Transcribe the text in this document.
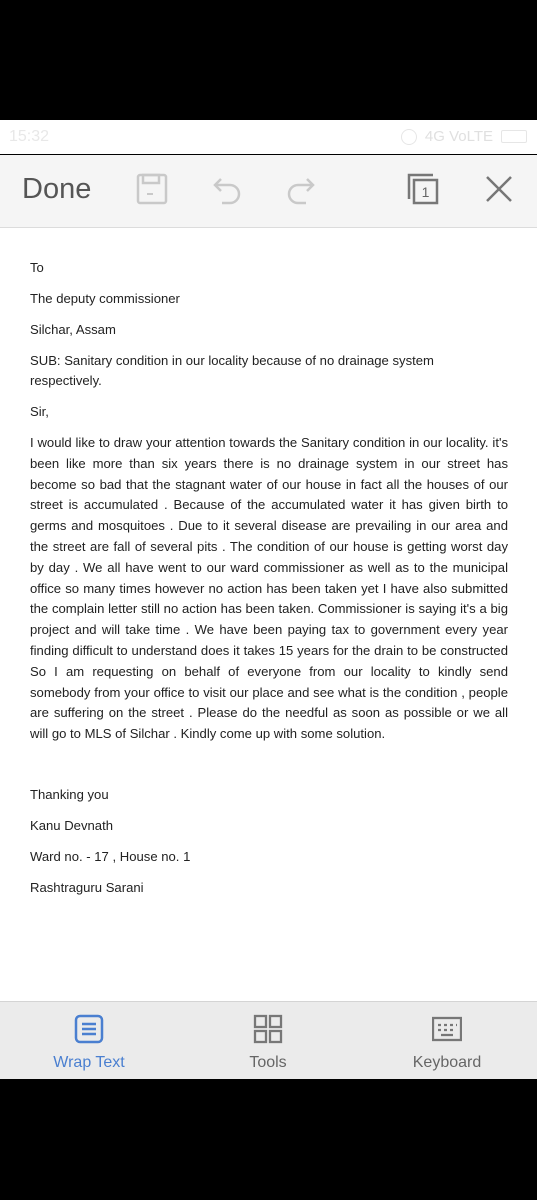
15:32	4G VoLTE
Done	1

To

The deputy commissioner

Silchar, Assam

SUB: Sanitary condition in our locality because of no drainage system respectively.

Sir,

I would like to draw your attention towards the Sanitary condition in our locality. it's been like more than six years there is no drainage system in our street has become so bad that the stagnant water of our house in fact all the houses of our street is accumulated . Because of the accumulated water it has given birth to germs and mosquitoes . Due to it several disease are prevailing in our area and the street are fall of several pits . The condition of our house is getting worst day by day . We all have went to our ward commissioner as well as to the municipal office so many times however no action has been taken yet I have also submitted the complain letter still no action has been taken. Commissioner is saying it's a big project and will take time . We have been paying tax to government every year finding difficult to understand does it takes 15 years for the drain to be constructed So I am requesting on behalf of everyone from our locality to kindly send somebody from your office to visit our place and see what is the condition , people are suffering on the street . Please do the needful as soon as possible or we all will go to MLS of Silchar . Kindly come up with some solution.

Thanking you

Kanu Devnath

Ward no. - 17 , House no. 1

Rashtraguru Sarani

Wrap Text	Tools	Keyboard
